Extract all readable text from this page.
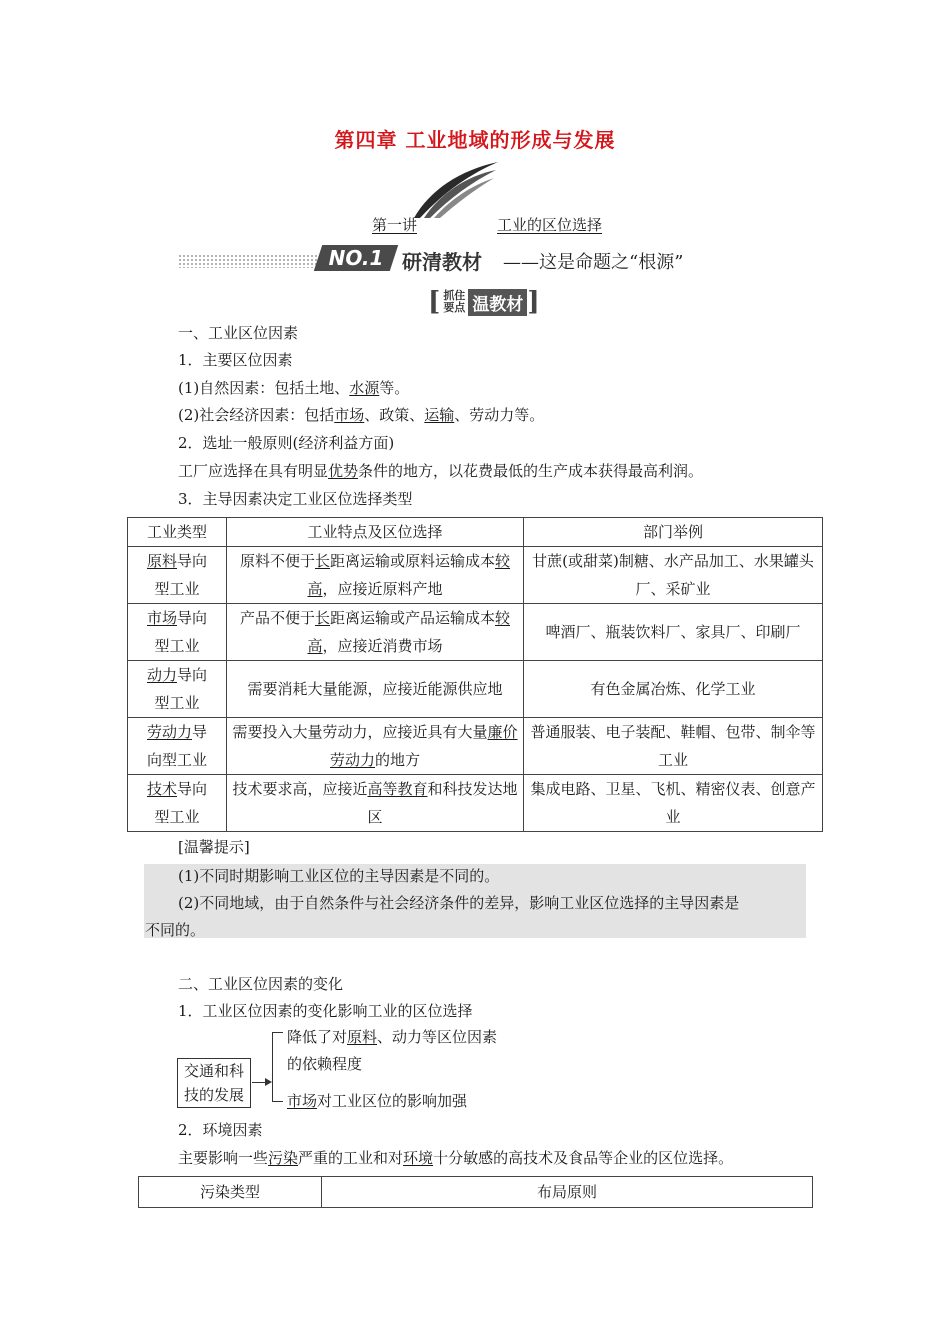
第四章 工业地域的形成与发展
第一讲	工业的区位选择
NO.1 研清教材 ——这是命题之“根源”
[ 抓住
要点 温教材 ]
一、工业区位因素
1．主要区位因素
(1)自然因素：包括土地、水源等。
(2)社会经济因素：包括市场、政策、运输、劳动力等。
2．选址一般原则(经济利益方面)
工厂应选择在具有明显优势条件的地方，以花费最低的生产成本获得最高利润。
3．主导因素决定工业区位选择类型
工业类型	工业特点及区位选择	部门举例

原料导向
型工业	原料不便于长距离运输或原料运输成本较高，应接近原料产地	甘蔗(或甜菜)制糖、水产品加工、水果罐头厂、采矿业

市场导向
型工业	产品不便于长距离运输或产品运输成本较高，应接近消费市场	啤酒厂、瓶装饮料厂、家具厂、印刷厂

动力导向
型工业	需要消耗大量能源，应接近能源供应地	有色金属冶炼、化学工业

劳动力导
向型工业	需要投入大量劳动力，应接近具有大量廉价劳动力的地方	普通服装、电子装配、鞋帽、包带、制伞等工业

技术导向
型工业	技术要求高，应接近高等教育和科技发达地区	集成电路、卫星、飞机、精密仪表、创意产业
[温馨提示]
(1)不同时期影响工业区位的主导因素是不同的。
(2)不同地域，由于自然条件与社会经济条件的差异，影响工业区位选择的主导因素是
不同的。
二、工业区位因素的变化
1．工业区位因素的变化影响工业的区位选择
交通和科技的发展
降低了对原料、动力等区位因素
的依赖程度
市场对工业区位的影响加强
2．环境因素
主要影响一些污染严重的工业和对环境十分敏感的高技术及食品等企业的区位选择。
污染类型	布局原则
